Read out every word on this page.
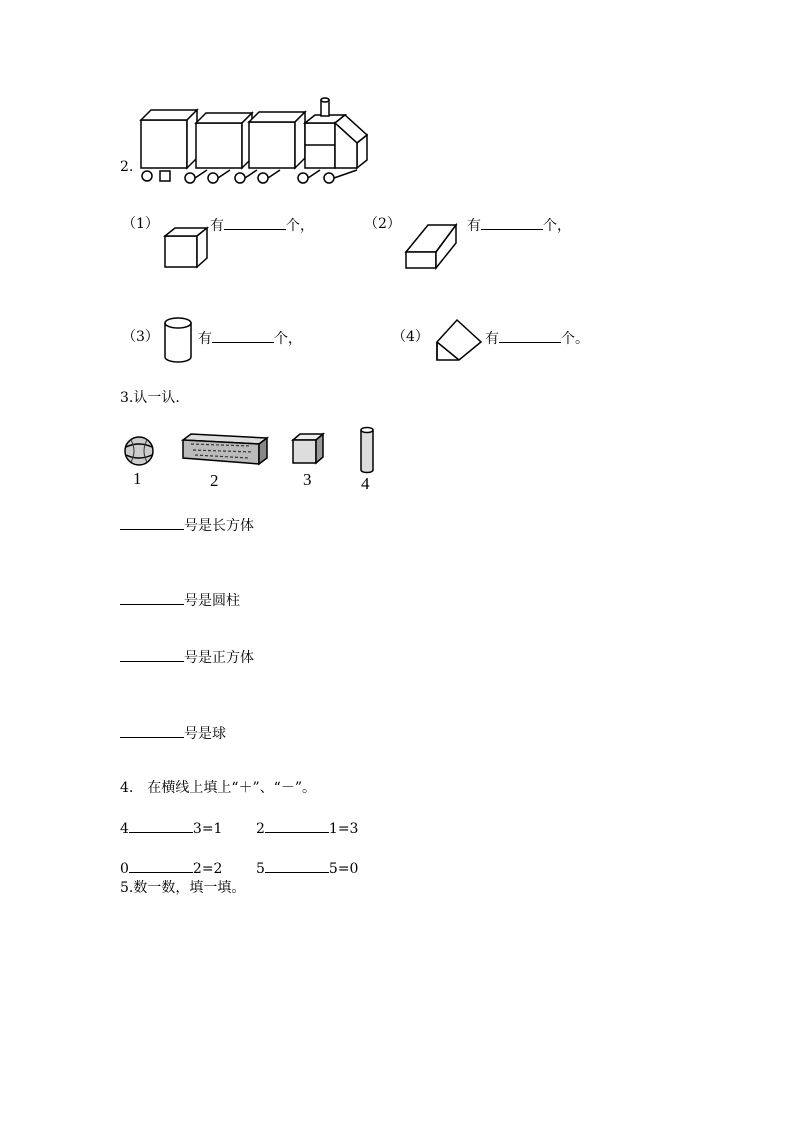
2.
（1）	有	个，	（2）	有	个，
（3）	有	个，	（4）	有	个。
3.认一认.
1	2	3	4
号是长方体
号是圆柱
号是正方体
号是球
4.　在横线上填上“＋”、“－”。
4	3=1 2	1=3
0	2=2 5	5=0
5.数一数，填一填。
